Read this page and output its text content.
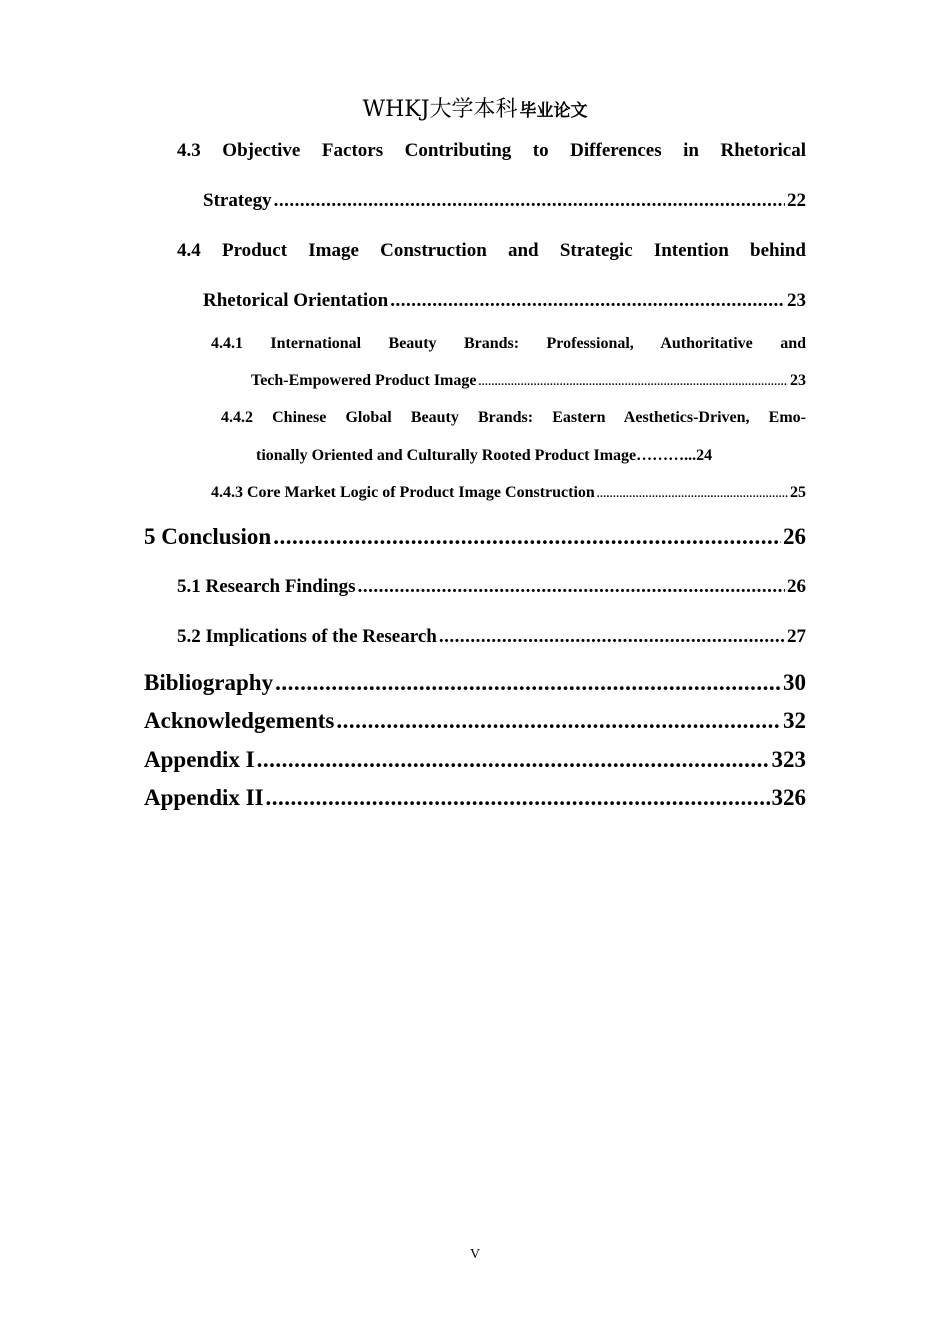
WHKJ大学本科 毕业论文
4.3 Objective Factors Contributing to Differences in Rhetorical
Strategy .....	22
4.4 Product Image Construction and Strategic Intention behind
Rhetorical Orientation .....	23
4.4.1 International Beauty Brands: Professional, Authoritative and
Tech-Empowered Product Image .....	23
4.4.2 Chinese Global Beauty Brands: Eastern Aesthetics-Driven, Emo-
tionally Oriented and Culturally Rooted Product Image………...24
4.4.3 Core Market Logic of Product Image Construction .....	25
5 Conclusion .....	26
5.1 Research Findings .....	26
5.2 Implications of the Research .....	27
Bibliography .....	30
Acknowledgements .....	32
Appendix I .....	323
Appendix II .....	326
V
